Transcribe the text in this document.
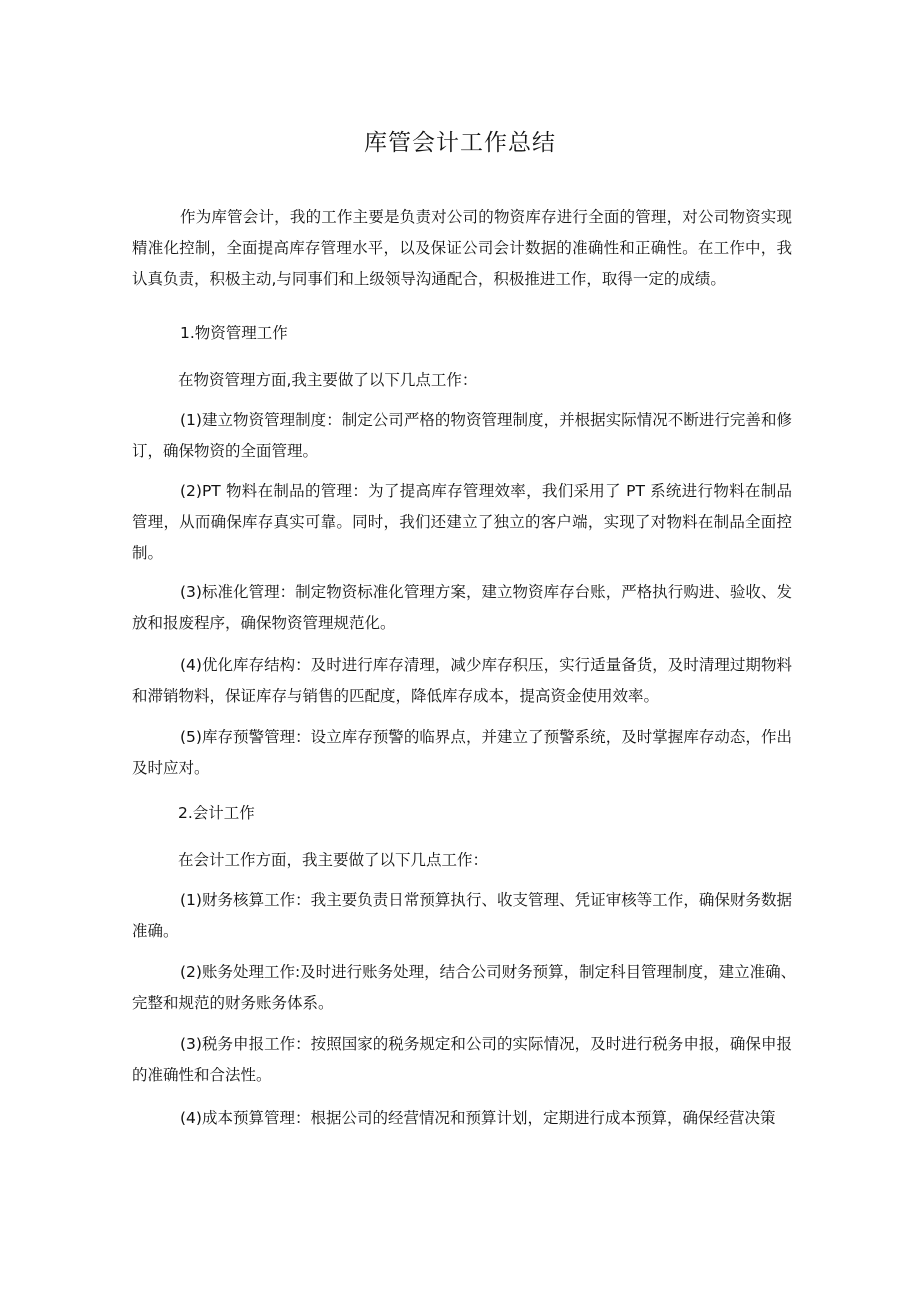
库管会计工作总结
作为库管会计，我的工作主要是负责对公司的物资库存进行全面的管理，对公司物资实现
精准化控制，全面提高库存管理水平，以及保证公司会计数据的准确性和正确性。在工作中，我
认真负责，积极主动,与同事们和上级领导沟通配合，积极推进工作，取得一定的成绩。
1.物资管理工作
在物资管理方面,我主要做了以下几点工作：
(1)建立物资管理制度：制定公司严格的物资管理制度，并根据实际情况不断进行完善和修
订，确保物资的全面管理。
(2)PT 物料在制品的管理：为了提高库存管理效率，我们采用了 PT 系统进行物料在制品
管理，从而确保库存真实可靠。同时，我们还建立了独立的客户端，实现了对物料在制品全面控
制。
(3)标准化管理：制定物资标准化管理方案，建立物资库存台账，严格执行购进、验收、发
放和报废程序，确保物资管理规范化。
(4)优化库存结构：及时进行库存清理，减少库存积压，实行适量备货，及时清理过期物料
和滞销物料，保证库存与销售的匹配度，降低库存成本，提高资金使用效率。
(5)库存预警管理：设立库存预警的临界点，并建立了预警系统，及时掌握库存动态，作出
及时应对。
2.会计工作
在会计工作方面，我主要做了以下几点工作：
(1)财务核算工作：我主要负责日常预算执行、收支管理、凭证审核等工作，确保财务数据
准确。
(2)账务处理工作:及时进行账务处理，结合公司财务预算，制定科目管理制度，建立准确、
完整和规范的财务账务体系。
(3)税务申报工作：按照国家的税务规定和公司的实际情况，及时进行税务申报，确保申报
的准确性和合法性。
(4)成本预算管理：根据公司的经营情况和预算计划，定期进行成本预算，确保经营决策
